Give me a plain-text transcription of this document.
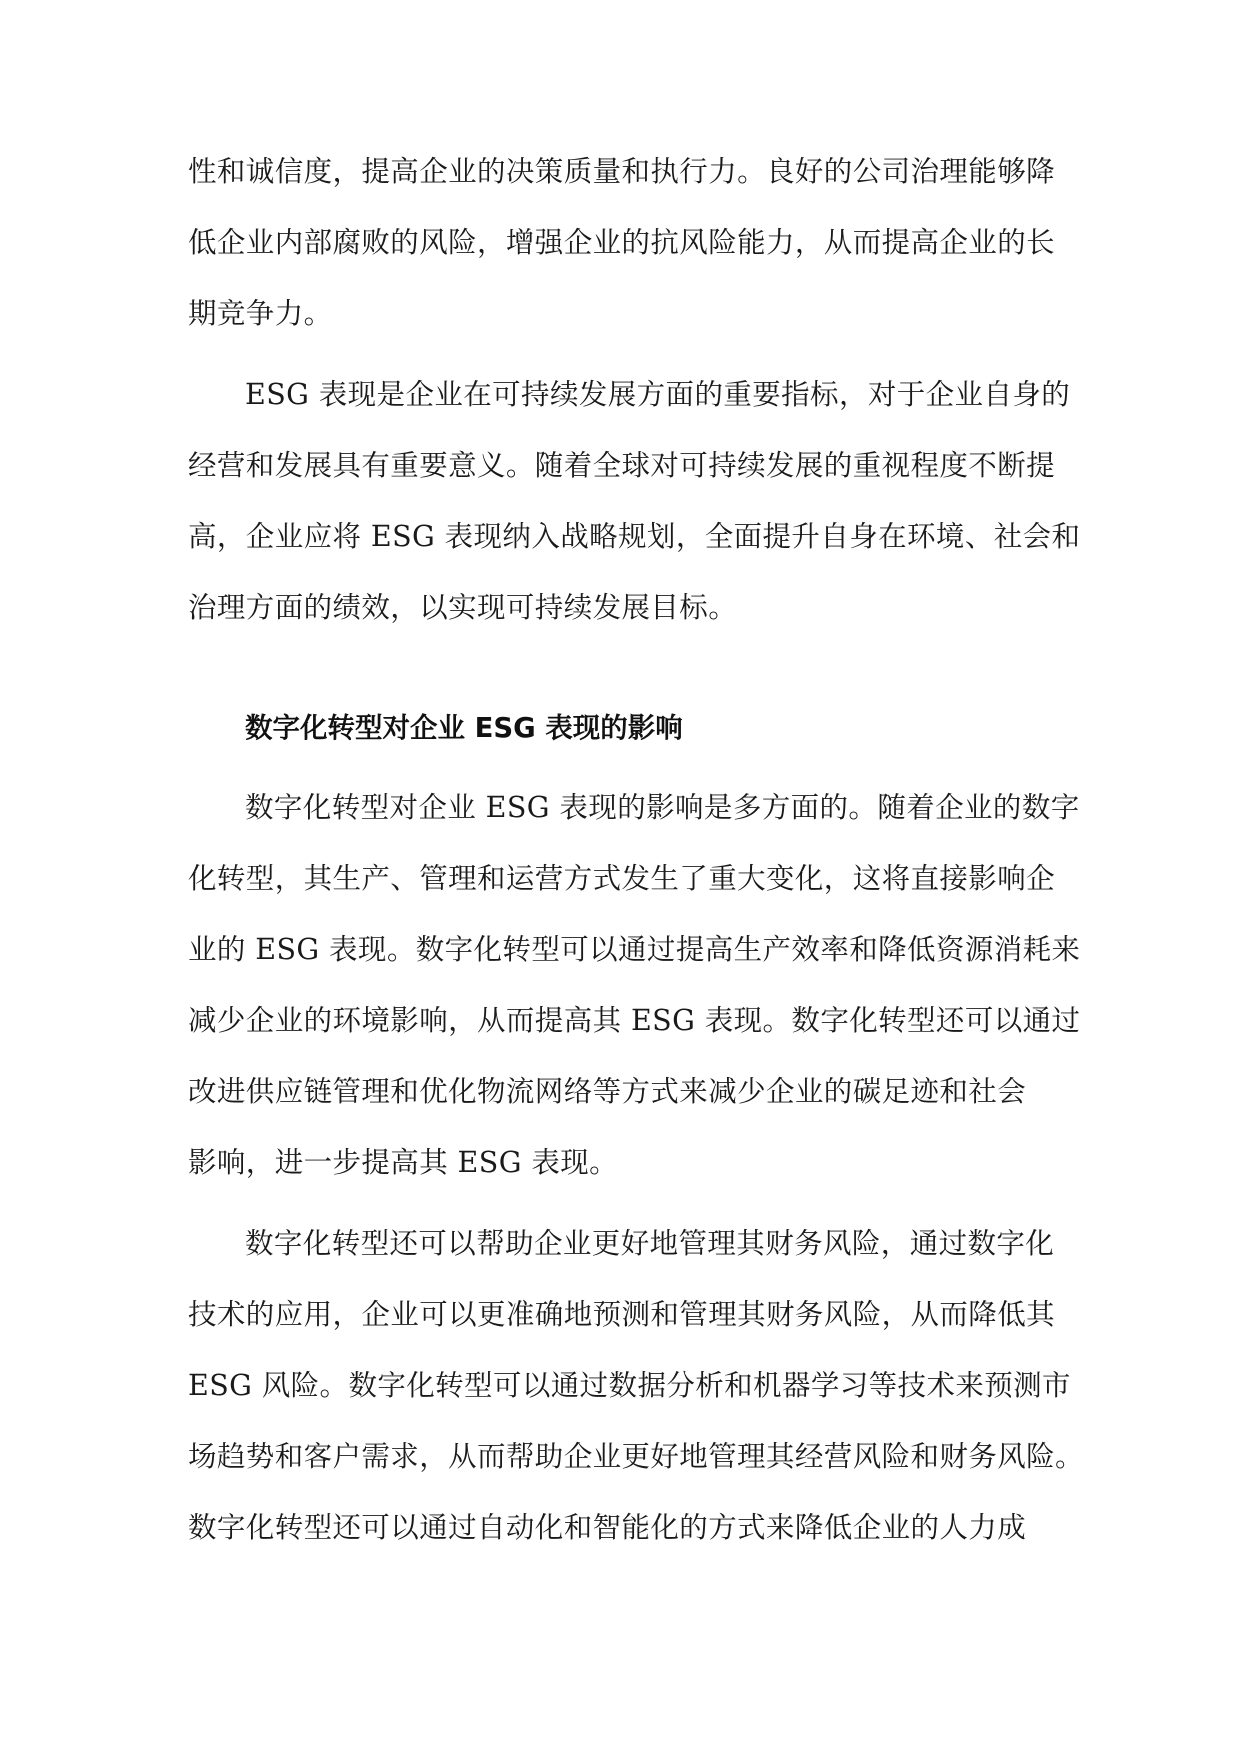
性和诚信度，提高企业的决策质量和执行力。良好的公司治理能够降
低企业内部腐败的风险，增强企业的抗风险能力，从而提高企业的长
期竞争力。
ESG 表现是企业在可持续发展方面的重要指标，对于企业自身的
经营和发展具有重要意义。随着全球对可持续发展的重视程度不断提
高，企业应将 ESG 表现纳入战略规划，全面提升自身在环境、社会和
治理方面的绩效，以实现可持续发展目标。
数字化转型对企业 ESG 表现的影响
数字化转型对企业 ESG 表现的影响是多方面的。随着企业的数字
化转型，其生产、管理和运营方式发生了重大变化，这将直接影响企
业的 ESG 表现。数字化转型可以通过提高生产效率和降低资源消耗来
减少企业的环境影响，从而提高其 ESG 表现。数字化转型还可以通过
改进供应链管理和优化物流网络等方式来减少企业的碳足迹和社会
影响，进一步提高其 ESG 表现。
数字化转型还可以帮助企业更好地管理其财务风险，通过数字化
技术的应用，企业可以更准确地预测和管理其财务风险，从而降低其
ESG 风险。数字化转型可以通过数据分析和机器学习等技术来预测市
场趋势和客户需求，从而帮助企业更好地管理其经营风险和财务风险。
数字化转型还可以通过自动化和智能化的方式来降低企业的人力成
